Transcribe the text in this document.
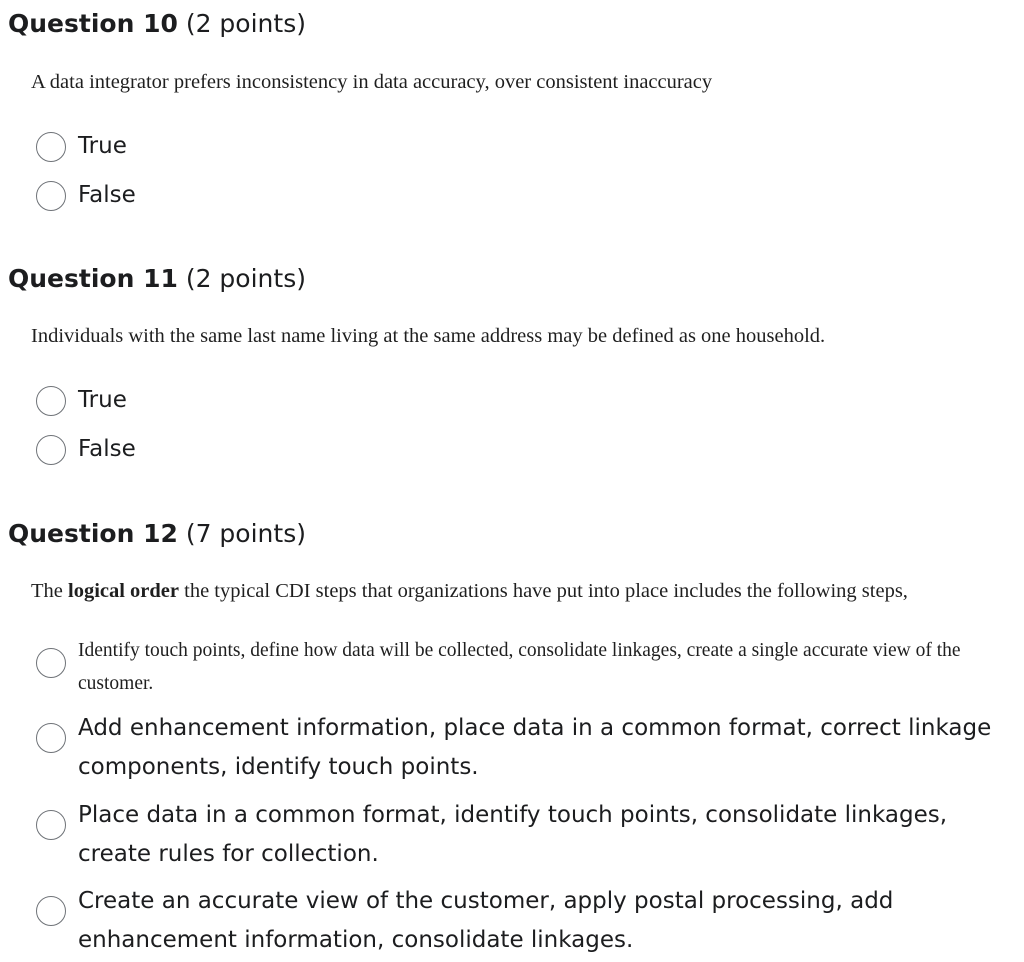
Question 10 (2 points)

A data integrator prefers inconsistency in data accuracy, over consistent inaccuracy

True
False
Question 11 (2 points)

Individuals with the same last name living at the same address may be defined as one household.

True
False
Question 12 (7 points)

The logical order the typical CDI steps that organizations have put into place includes the following steps,

Identify touch points, define how data will be collected, consolidate linkages, create a single accurate view of the customer.
Add enhancement information, place data in a common format, correct linkage components, identify touch points.
Place data in a common format, identify touch points, consolidate linkages, create rules for collection.
Create an accurate view of the customer, apply postal processing, add enhancement information, consolidate linkages.
